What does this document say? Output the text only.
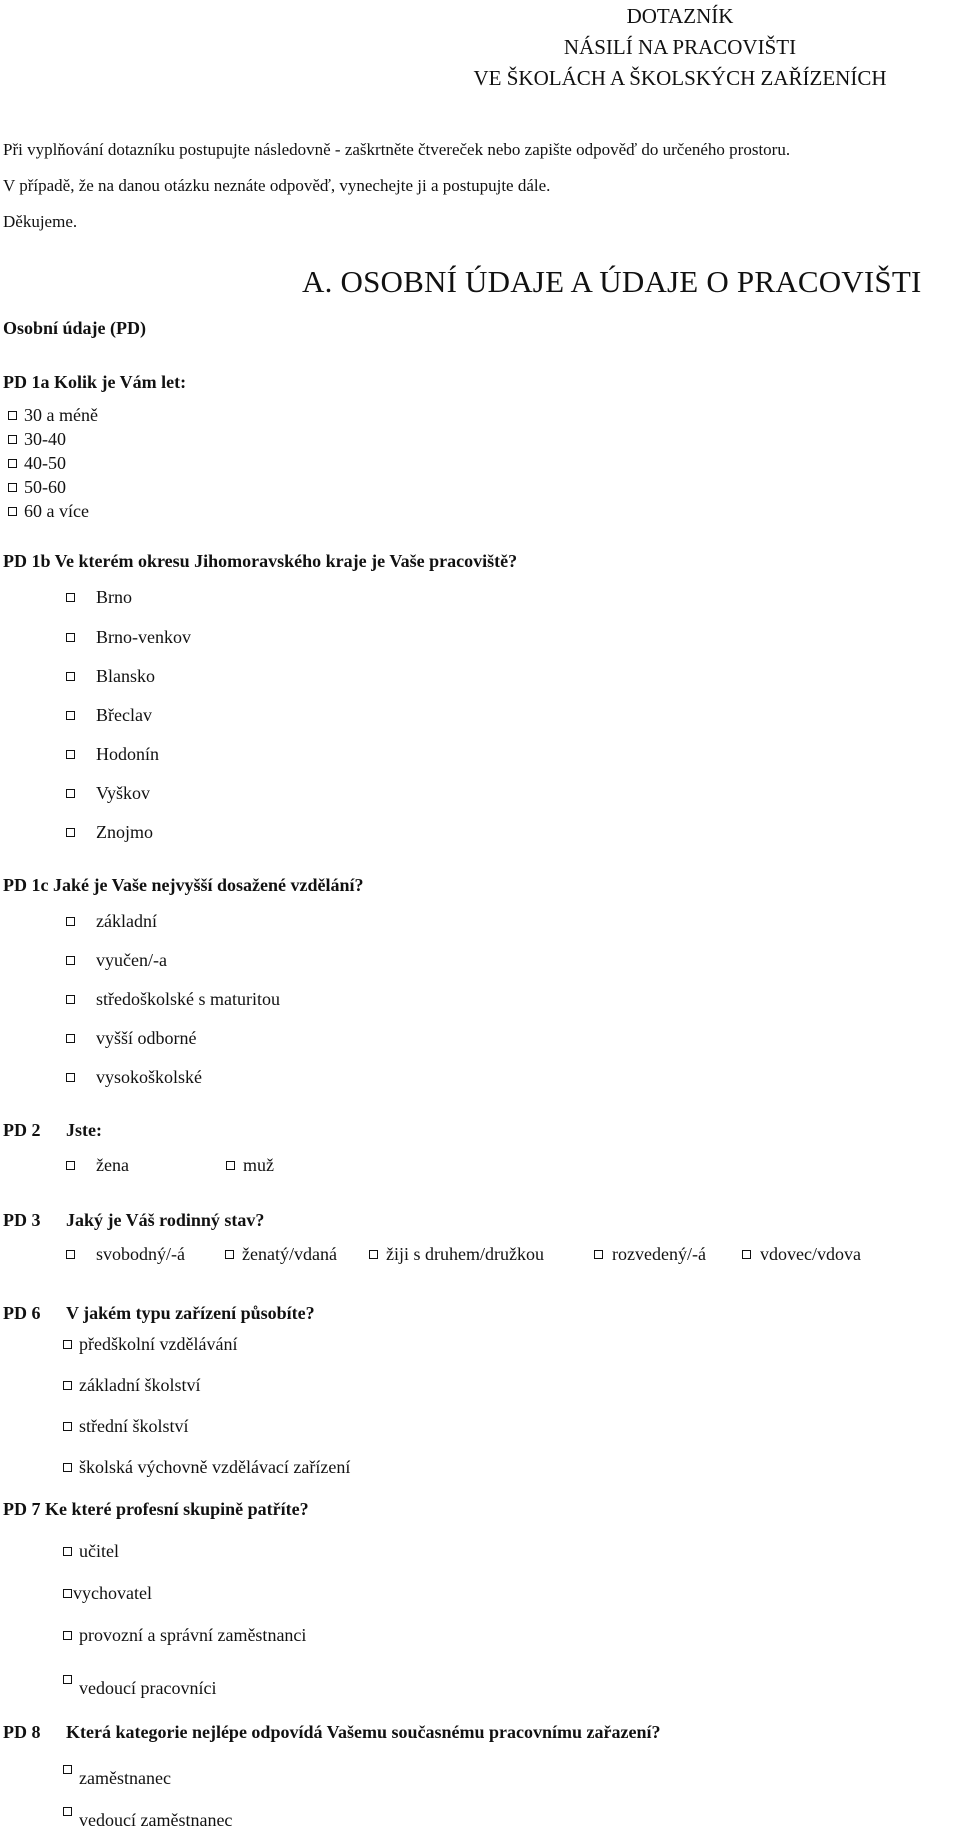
DOTAZNÍK
NÁSILÍ NA PRACOVIŠTI
VE ŠKOLÁCH A ŠKOLSKÝCH ZAŘÍZENÍCH
Při vyplňování dotazníku postupujte následovně - zaškrtněte čtvereček nebo zapište odpověď do určeného prostoru.
V případě, že na danou otázku neznáte odpověď, vynechejte ji a postupujte dále.
Děkujeme.
A. OSOBNÍ ÚDAJE A ÚDAJE O PRACOVIŠTI
Osobní údaje (PD)
PD 1a Kolik je Vám let:
30 a méně
30-40
40-50
50-60
60 a více
PD 1b Ve kterém okresu Jihomoravského kraje je Vaše pracoviště?
Brno
Brno-venkov
Blansko
Břeclav
Hodonín
Vyškov
Znojmo
PD 1c Jaké je Vaše nejvyšší dosažené vzdělání?
základní
vyučen/-a
středoškolské s maturitou
vyšší odborné
vysokoškolské
PD 2 Jste:
žena	muž
PD 3 Jaký je Váš rodinný stav?
svobodný/-á	ženatý/vdaná	žiji s druhem/družkou	rozvedený/-á	vdovec/vdova
PD 6 V jakém typu zařízení působíte?
předškolní vzdělávání
základní školství
střední školství
školská výchovně vzdělávací zařízení
PD 7 Ke které profesní skupině patříte?
učitel
vychovatel
provozní a správní zaměstnanci
vedoucí pracovníci
PD 8 Která kategorie nejlépe odpovídá Vašemu současnému pracovnímu zařazení?
zaměstnanec
vedoucí zaměstnanec
